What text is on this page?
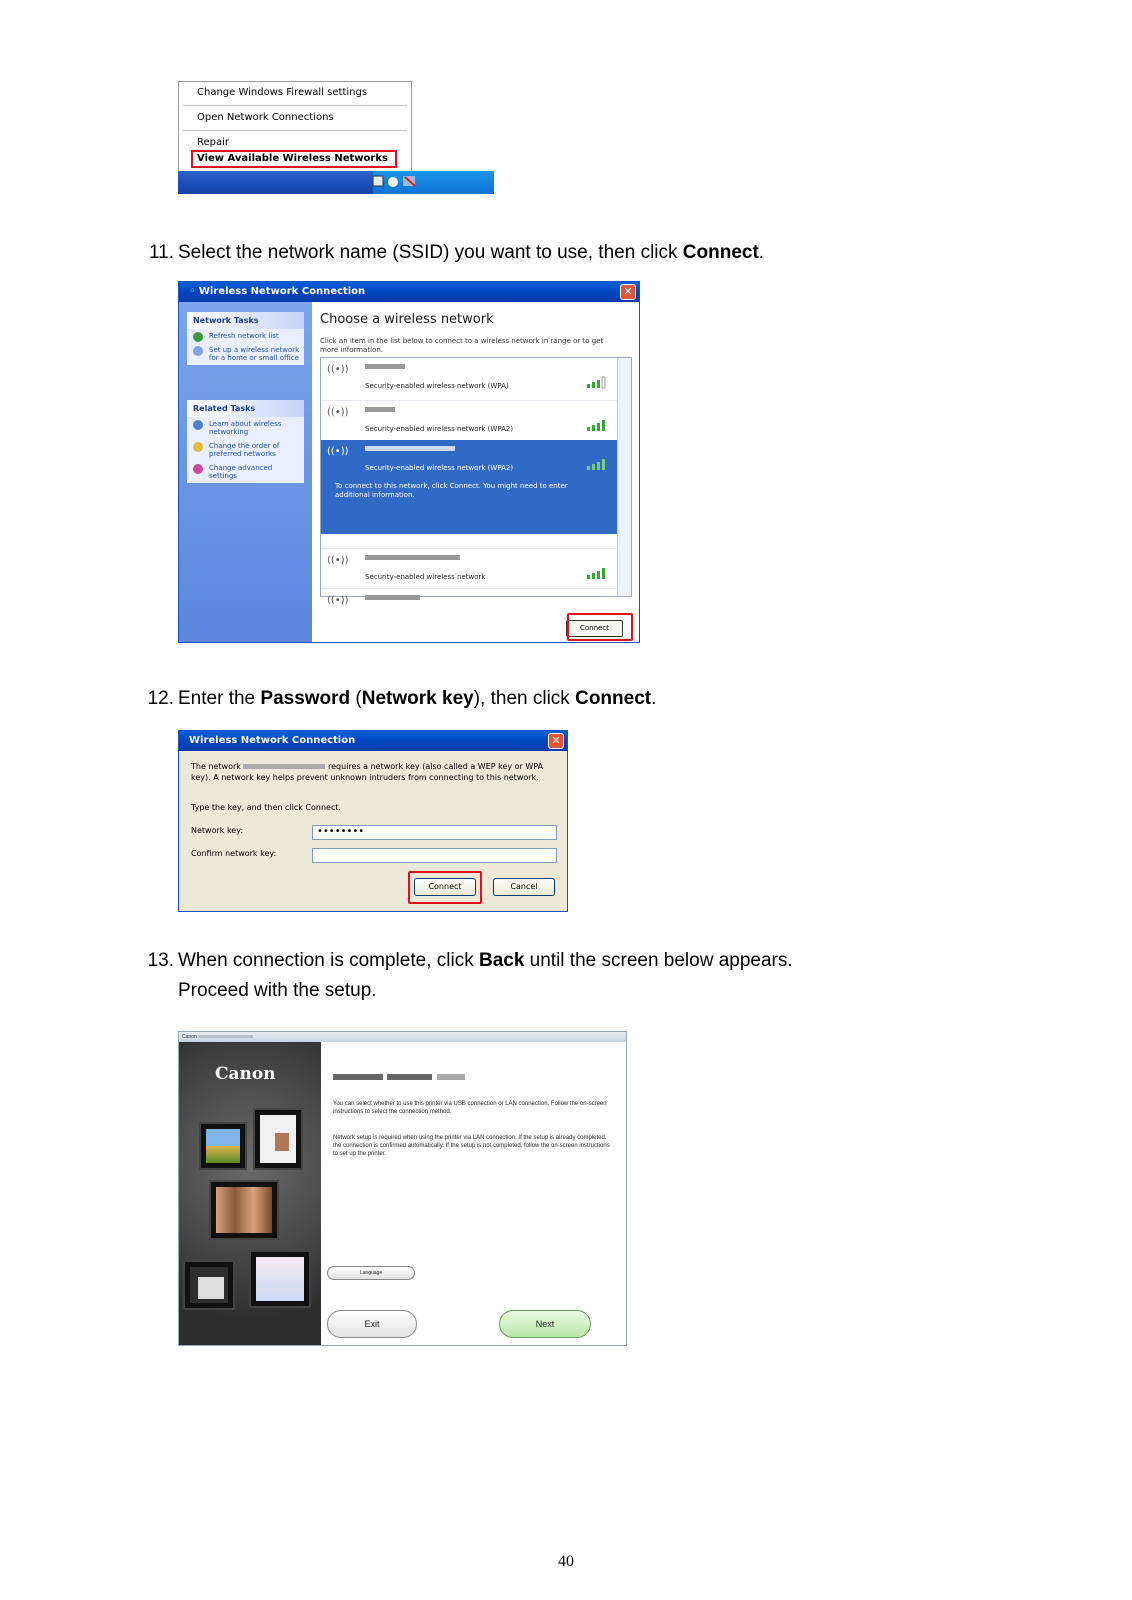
Change Windows Firewall settings
Open Network Connections
Repair
View Available Wireless Networks
11. Select the network name (SSID) you want to use, then click Connect.
◦ Wireless Network Connection	✕
Network Tasks
Refresh network list
Set up a wireless network for a home or small office
Related Tasks
Learn about wireless networking
Change the order of preferred networks
Change advanced settings
Choose a wireless network
Click an item in the list below to connect to a wireless network in range or to get more information.
((•))
Security-enabled wireless network (WPA)
((•))
Security-enabled wireless network (WPA2)
((•))
Security-enabled wireless network (WPA2)
To connect to this network, click Connect. You might need to enter additional information.
((•))
Security-enabled wireless network
((•))
Connect
12. Enter the Password (Network key), then click Connect.
Wireless Network Connection	✕
The network	requires a network key (also called a WEP key or WPA key). A network key helps prevent unknown intruders from connecting to this network.
Type the key, and then click Connect.
Network key:	••••••••
Confirm network key:
Connect	Cancel
13. When connection is complete, click Back until the screen below appears.
Proceed with the setup.
Canon
Canon

You can select whether to use this printer via USB connection or LAN connection. Follow the on-screen instructions to select the connection method.
Network setup is required when using the printer via LAN connection. If the setup is already completed, the connection is confirmed automatically. If the setup is not completed, follow the on-screen instructions to set up the printer.
Language
Exit	Next
40
